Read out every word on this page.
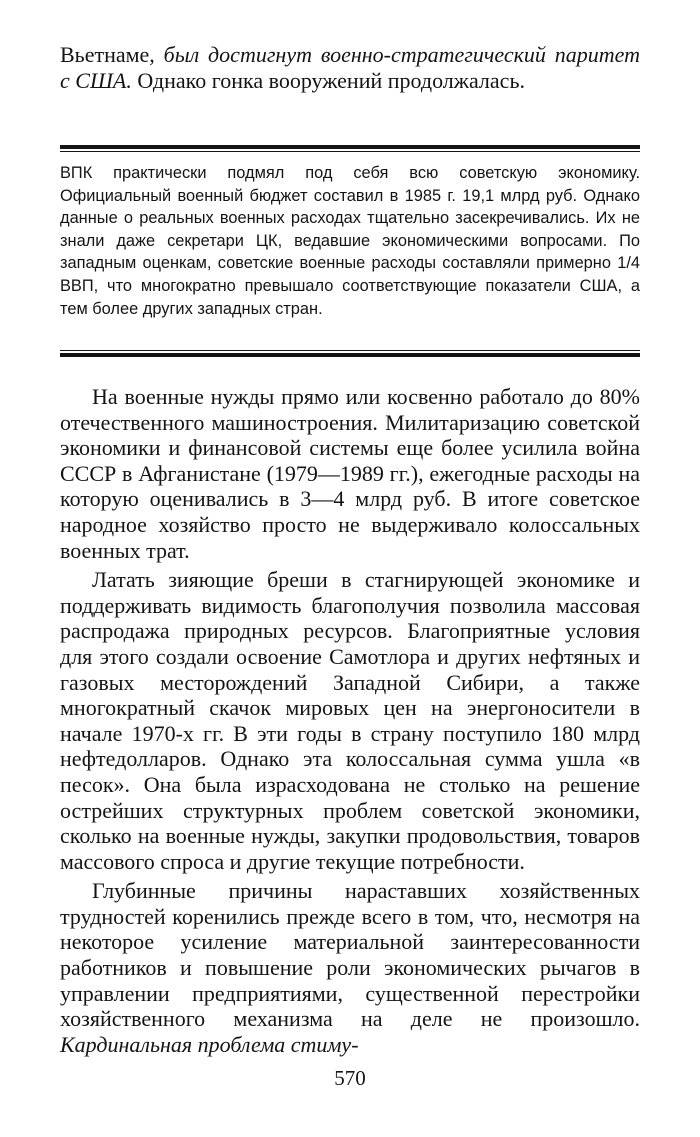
Вьетнаме, был достигнут военно-стратегический паритет с США. Однако гонка вооружений продолжалась.

ВПК практически подмял под себя всю советскую экономику. Официальный военный бюджет составил в 1985 г. 19,1 млрд руб. Однако данные о реальных военных расходах тщательно засекречивались. Их не знали даже секретари ЦК, ведавшие экономическими вопросами. По западным оценкам, советские военные расходы составляли примерно 1/4 ВВП, что многократно превышало соответствующие показатели США, а тем более других западных стран.

На военные нужды прямо или косвенно работало до 80% отечественного машиностроения. Милитаризацию советской экономики и финансовой системы еще более усилила война СССР в Афганистане (1979—1989 гг.), ежегодные расходы на которую оценивались в 3—4 млрд руб. В итоге советское народное хозяйство просто не выдерживало колоссальных военных трат.

Латать зияющие бреши в стагнирующей экономике и поддерживать видимость благополучия позволила массовая распродажа природных ресурсов. Благоприятные условия для этого создали освоение Самотлора и других нефтяных и газовых месторождений Западной Сибири, а также многократный скачок мировых цен на энергоносители в начале 1970-х гг. В эти годы в страну поступило 180 млрд нефтедолларов. Однако эта колоссальная сумма ушла «в песок». Она была израсходована не столько на решение острейших структурных проблем советской экономики, сколько на военные нужды, закупки продовольствия, товаров массового спроса и другие текущие потребности.

Глубинные причины нараставших хозяйственных трудностей коренились прежде всего в том, что, несмотря на некоторое усиление материальной заинтересованности работников и повышение роли экономических рычагов в управлении предприятиями, существенной перестройки хозяйственного механизма на деле не произошло. Кардинальная проблема стиму-

570
